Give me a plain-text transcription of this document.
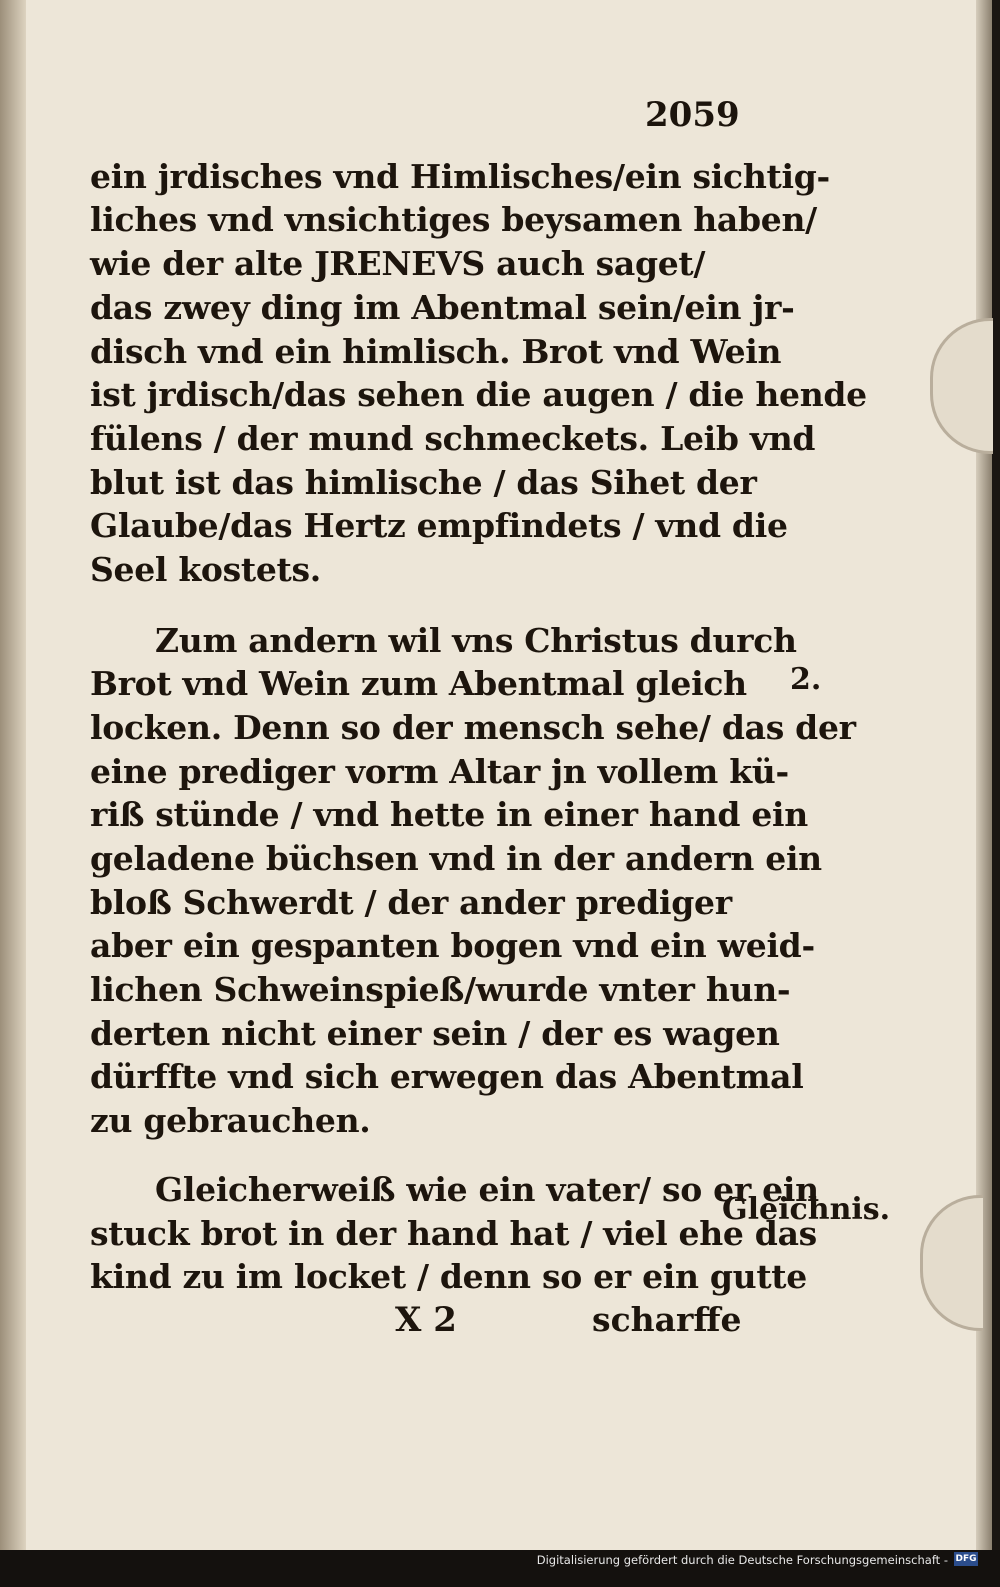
2059
ein jrdisches vnd Himlisches/ein sichtig-
liches vnd vnsichtiges beysamen haben/
wie der alte JRENEVS auch saget/
das zwey ding im Abentmal sein/ein jr-
disch vnd ein himlisch. Brot vnd Wein
ist jrdisch/das sehen die augen / die hende
fülens / der mund schmeckets. Leib vnd
blut ist das himlische / das Sihet der
Glaube/das Hertz empfindets / vnd die
Seel kostets.
Zum andern wil vns Christus durch
Brot vnd Wein zum Abentmal gleich
locken. Denn so der mensch sehe/ das der
eine prediger vorm Altar jn vollem kü-
riß stünde / vnd hette in einer hand ein
geladene büchsen vnd in der andern ein
bloß Schwerdt / der ander prediger
aber ein gespanten bogen vnd ein weid-
lichen Schweinspieß/wurde vnter hun-
derten nicht einer sein / der es wagen
dürffte vnd sich erwegen das Abentmal
zu gebrauchen.
Gleicherweiß wie ein vater/ so er ein
stuck brot in der hand hat / viel ehe das
kind zu im locket / denn so er ein gutte
X 2	scharffe
2.
Gleichnis.
Digitalisierung gefördert durch die Deutsche Forschungsgemeinschaft - DFG
